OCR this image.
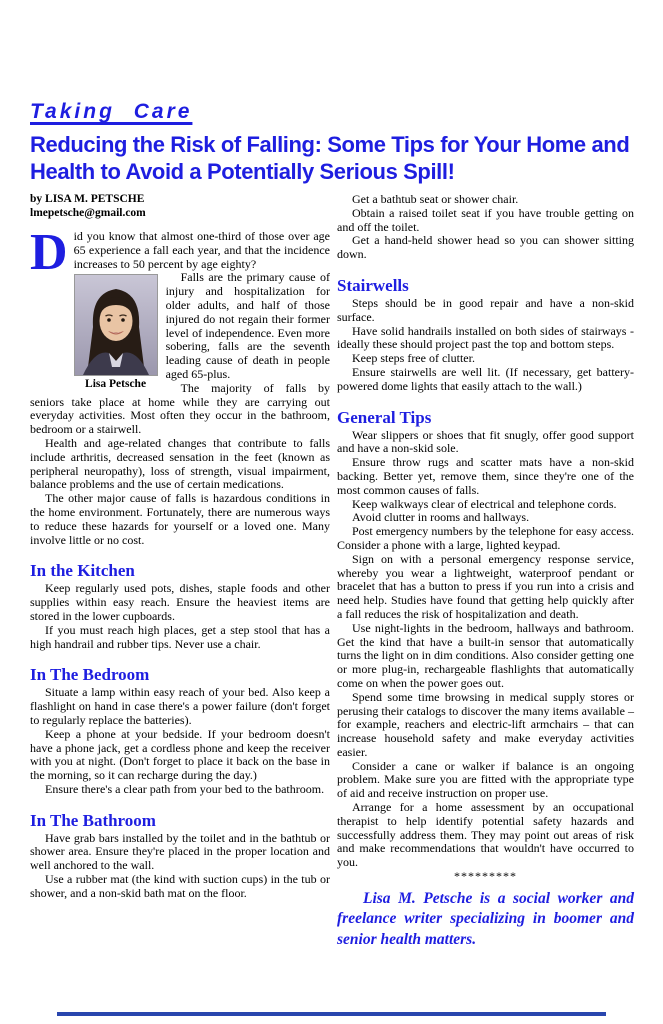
Taking Care
Reducing the Risk of Falling: Some Tips for Your Home and Health to Avoid a Potentially Serious Spill!
by LISA M. PETSCHE
lmepetsche@gmail.com

Did you know that almost one-third of those over age 65 experience a fall each year, and that the incidence increases to 50 percent by age eighty?

Lisa Petsche

Falls are the primary cause of injury and hospitalization for older adults, and half of those injured do not regain their former level of independence. Even more sobering, falls are the seventh leading cause of death in people aged 65-plus.

The majority of falls by seniors take place at home while they are carrying out everyday activities. Most often they occur in the bathroom, bedroom or a stairwell.

Health and age-related changes that contribute to falls include arthritis, decreased sensation in the feet (known as peripheral neuropathy), loss of strength, visual impairment, balance problems and the use of certain medications.

The other major cause of falls is hazardous conditions in the home environment. Fortunately, there are numerous ways to reduce these hazards for yourself or a loved one. Many involve little or no cost.

In the Kitchen

Keep regularly used pots, dishes, staple foods and other supplies within easy reach. Ensure the heaviest items are stored in the lower cupboards.

If you must reach high places, get a step stool that has a high handrail and rubber tips. Never use a chair.

In The Bedroom

Situate a lamp within easy reach of your bed. Also keep a flashlight on hand in case there's a power failure (don't forget to regularly replace the batteries).

Keep a phone at your bedside. If your bedroom doesn't have a phone jack, get a cordless phone and keep the receiver with you at night. (Don't forget to place it back on the base in the morning, so it can recharge during the day.)

Ensure there's a clear path from your bed to the bathroom.

In The Bathroom

Have grab bars installed by the toilet and in the bathtub or shower area. Ensure they're placed in the proper location and well anchored to the wall.

Use a rubber mat (the kind with suction cups) in the tub or shower, and a non-skid bath mat on the floor.

Get a bathtub seat or shower chair.

Obtain a raised toilet seat if you have trouble getting on and off the toilet.

Get a hand-held shower head so you can shower sitting down.

Stairwells

Steps should be in good repair and have a non-skid surface.

Have solid handrails installed on both sides of stairways - ideally these should project past the top and bottom steps.

Keep steps free of clutter.

Ensure stairwells are well lit. (If necessary, get battery-powered dome lights that easily attach to the wall.)

General Tips

Wear slippers or shoes that fit snugly, offer good support and have a non-skid sole.

Ensure throw rugs and scatter mats have a non-skid backing. Better yet, remove them, since they're one of the most common causes of falls.

Keep walkways clear of electrical and telephone cords.

Avoid clutter in rooms and hallways.

Post emergency numbers by the telephone for easy access. Consider a phone with a large, lighted keypad.

Sign on with a personal emergency response service, whereby you wear a lightweight, waterproof pendant or bracelet that has a button to press if you run into a crisis and need help. Studies have found that getting help quickly after a fall reduces the risk of hospitalization and death.

Use night-lights in the bedroom, hallways and bathroom. Get the kind that have a built-in sensor that automatically turns the light on in dim conditions. Also consider getting one or more plug-in, rechargeable flashlights that automatically come on when the power goes out.

Spend some time browsing in medical supply stores or perusing their catalogs to discover the many items available – for example, reachers and electric-lift armchairs – that can increase household safety and make everyday activities easier.

Consider a cane or walker if balance is an ongoing problem. Make sure you are fitted with the appropriate type of aid and receive instruction on proper use.

Arrange for a home assessment by an occupational therapist to help identify potential safety hazards and successfully address them. They may point out areas of risk and make recommendations that wouldn't have occurred to you.

*********

Lisa M. Petsche is a social worker and freelance writer specializing in boomer and senior health matters.
